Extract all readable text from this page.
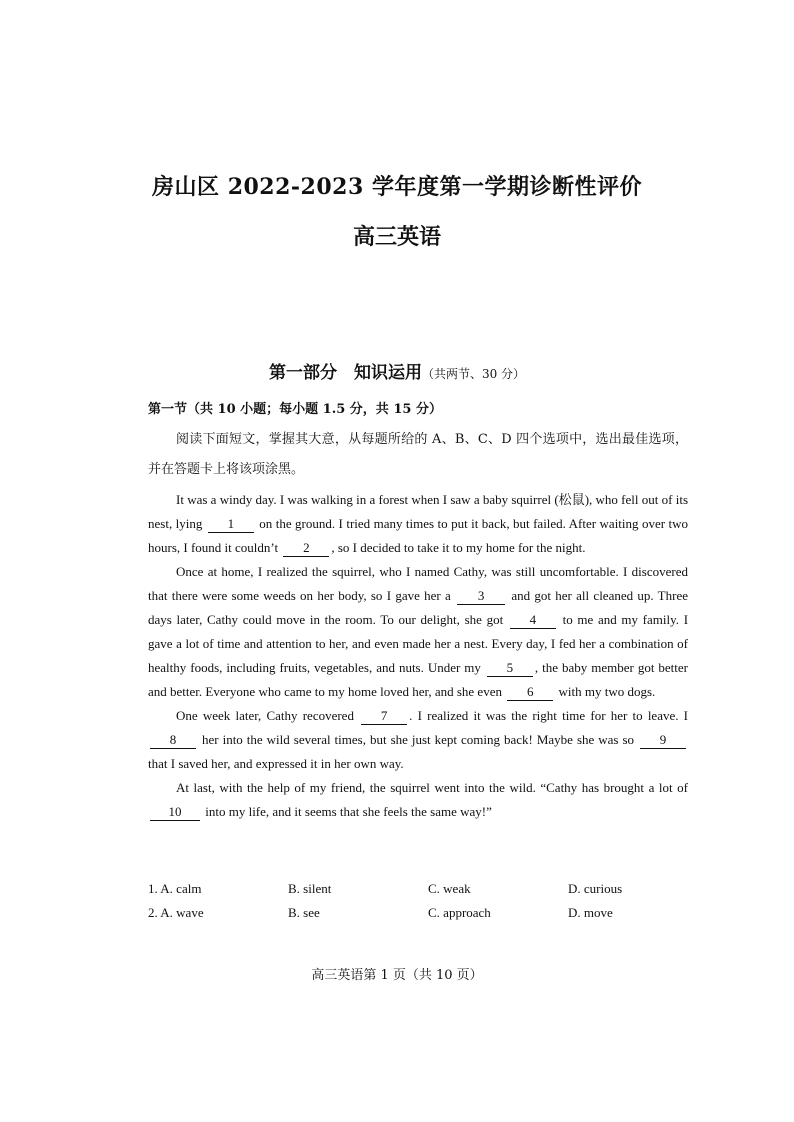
房山区 2022-2023 学年度第一学期诊断性评价
高三英语
第一部分　知识运用（共两节、30 分）
第一节（共 10 小题；每小题 1.5 分，共 15 分）

阅读下面短文，掌握其大意，从每题所给的 A、B、C、D 四个选项中，选出最佳选项，并在答题卡上将该项涂黑。

It was a windy day. I was walking in a forest when I saw a baby squirrel (松鼠), who fell out of its nest, lying 1 on the ground. I tried many times to put it back, but failed. After waiting over two hours, I found it couldn’t 2 , so I decided to take it to my home for the night.

Once at home, I realized the squirrel, who I named Cathy, was still uncomfortable. I discovered that there were some weeds on her body, so I gave her a 3 and got her all cleaned up. Three days later, Cathy could move in the room. To our delight, she got 4 to me and my family. I gave a lot of time and attention to her, and even made her a nest. Every day, I fed her a combination of healthy foods, including fruits, vegetables, and nuts. Under my 5 , the baby member got better and better. Everyone who came to my home loved her, and she even 6 with my two dogs.

One week later, Cathy recovered 7 . I realized it was the right time for her to leave. I 8 her into the wild several times, but she just kept coming back! Maybe she was so 9 that I saved her, and expressed it in her own way.

At last, with the help of my friend, the squirrel went into the wild. “Cathy has brought a lot of 10 into my life, and it seems that she feels the same way!”

1. A. calm	B. silent	C. weak	D. curious
2. A. wave	B. see	C. approach	D. move
高三英语第 1 页（共 10 页）
